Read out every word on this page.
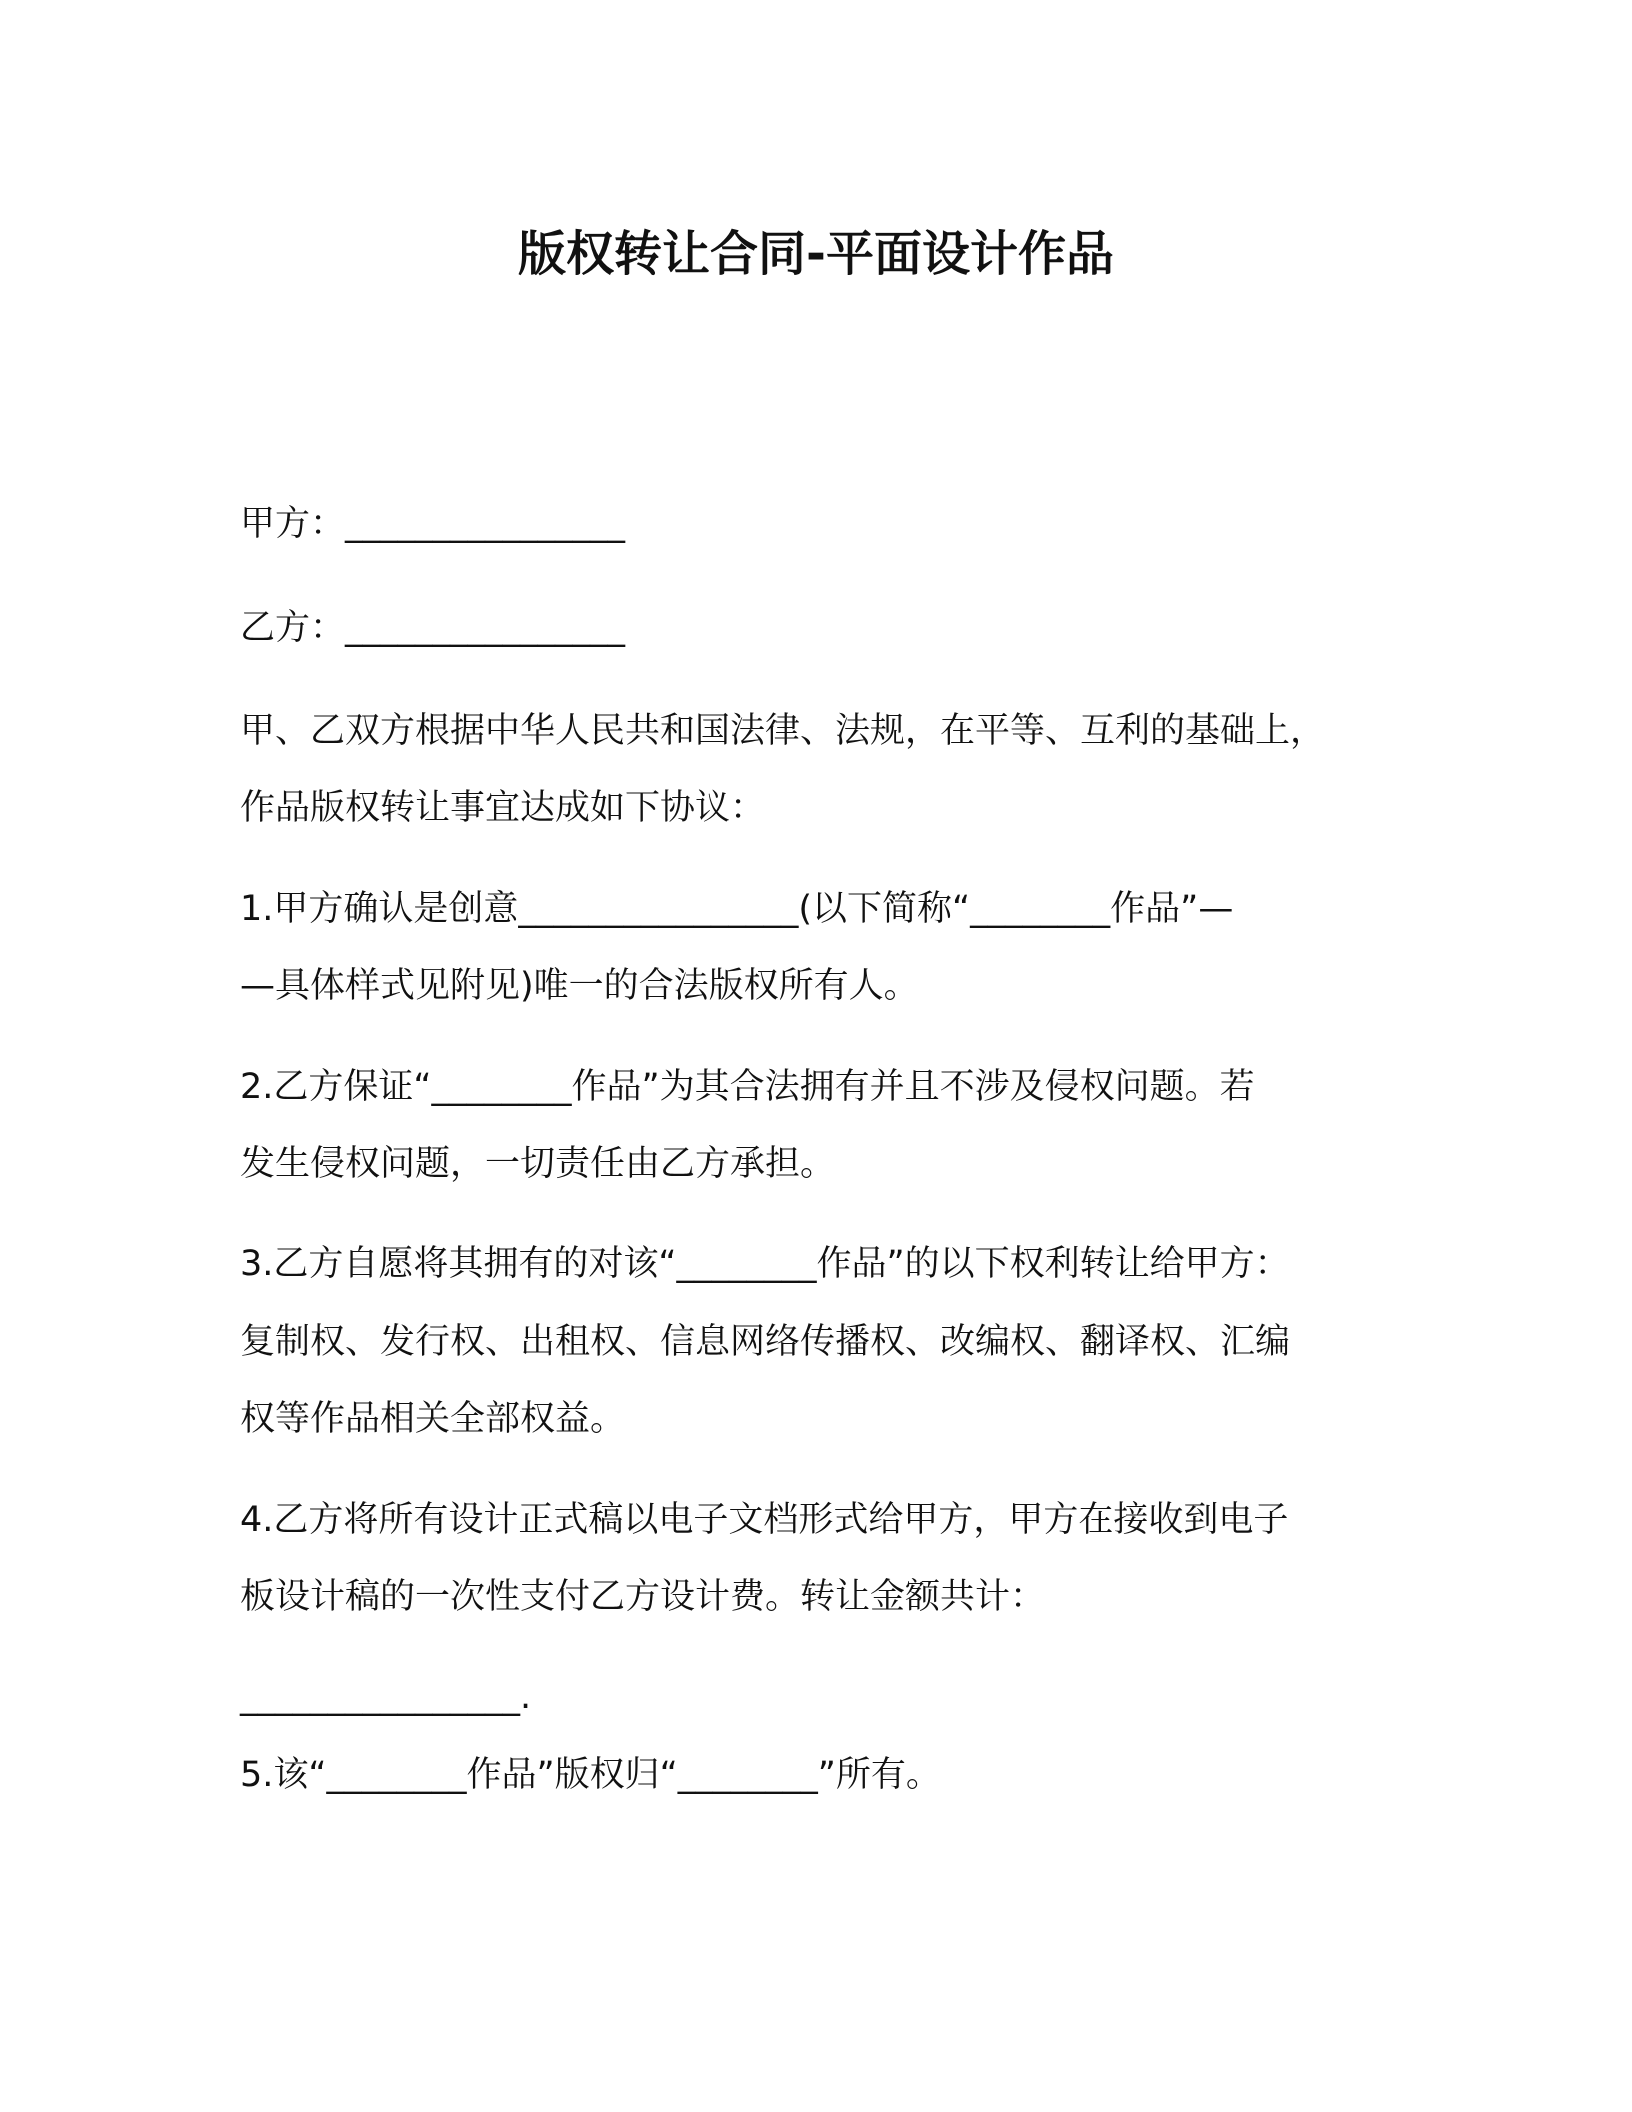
版权转让合同-平面设计作品
甲方：________________
乙方：________________
甲、乙双方根据中华人民共和国法律、法规，在平等、互利的基础上，
作品版权转让事宜达成如下协议：
1.甲方确认是创意________________(以下简称“________作品”—
—具体样式见附见)唯一的合法版权所有人。
2.乙方保证“________作品”为其合法拥有并且不涉及侵权问题。若
发生侵权问题，一切责任由乙方承担。
3.乙方自愿将其拥有的对该“________作品”的以下权利转让给甲方：
复制权、发行权、出租权、信息网络传播权、改编权、翻译权、汇编
权等作品相关全部权益。
4.乙方将所有设计正式稿以电子文档形式给甲方，甲方在接收到电子
板设计稿的一次性支付乙方设计费。转让金额共计：
________________.
5.该“________作品”版权归“________”所有。
